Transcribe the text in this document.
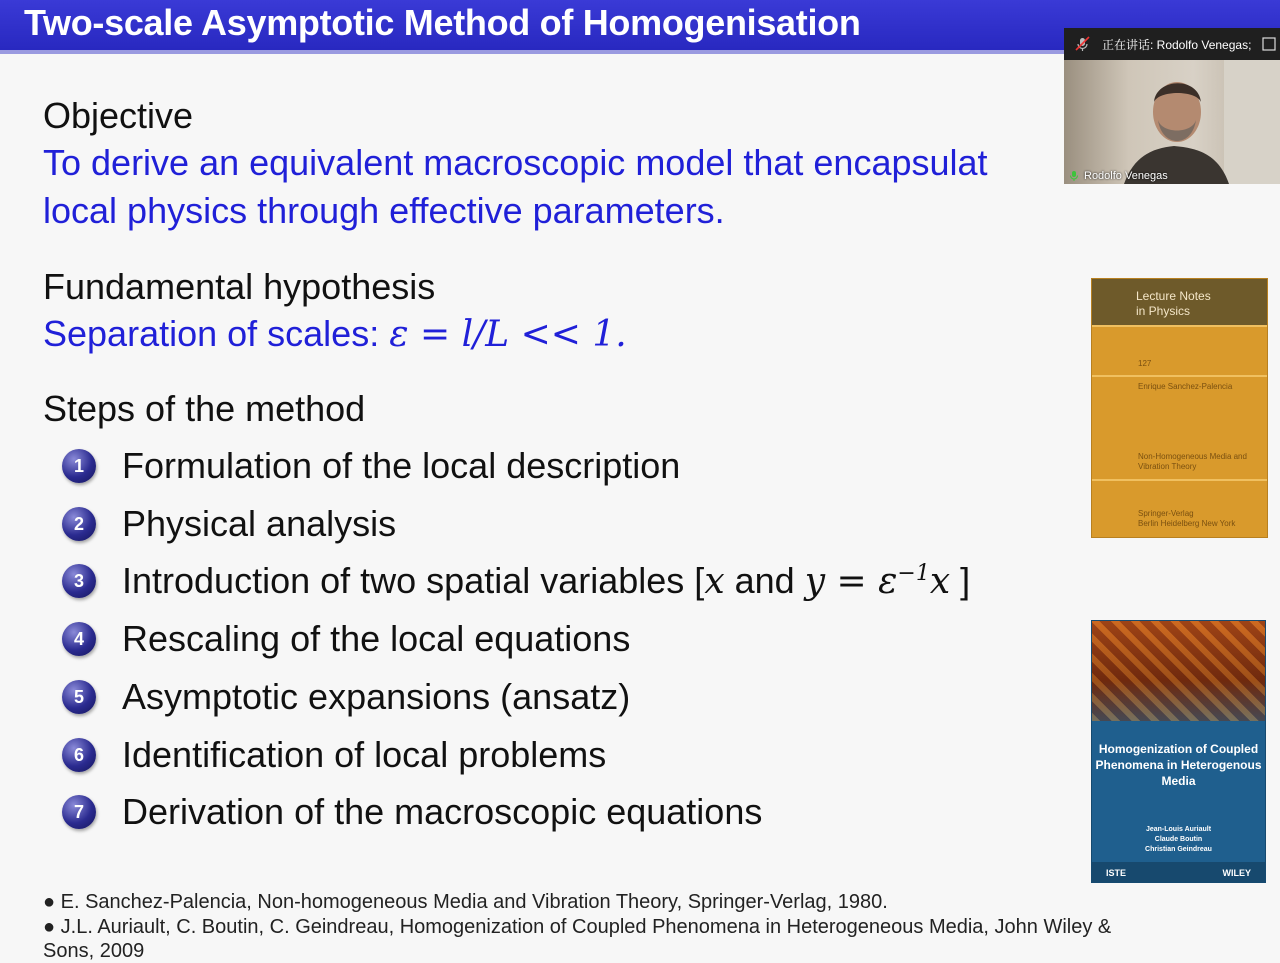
Two-scale Asymptotic Method of Homogenisation
Objective
To derive an equivalent macroscopic model that encapsulat
local physics through effective parameters.
Fundamental hypothesis
Separation of scales: ε = l/L << 1.
Steps of the method
1	Formulation of the local description
2	Physical analysis
3	Introduction of two spatial variables [x and $y = \varepsilon^{-1}x$ ]
4	Rescaling of the local equations
5	Asymptotic expansions (ansatz)
6	Identification of local problems
7	Derivation of the macroscopic equations
● E. Sanchez-Palencia, Non-homogeneous Media and Vibration Theory, Springer-Verlag, 1980.
● J.L. Auriault, C. Boutin, C. Geindreau, Homogenization of Coupled Phenomena in Heterogeneous Media, John Wiley &
Sons, 2009
Lecture Notes
in Physics
127
Enrique Sanchez-Palencia
Non-Homogeneous Media and
Vibration Theory
Springer-Verlag
Berlin Heidelberg New York
Homogenization of Coupled Phenomena in Heterogenous Media
Jean-Louis Auriault
Claude Boutin
Christian Geindreau
ISTE	WILEY
正在讲话: Rodolfo Venegas;
Rodolfo Venegas
